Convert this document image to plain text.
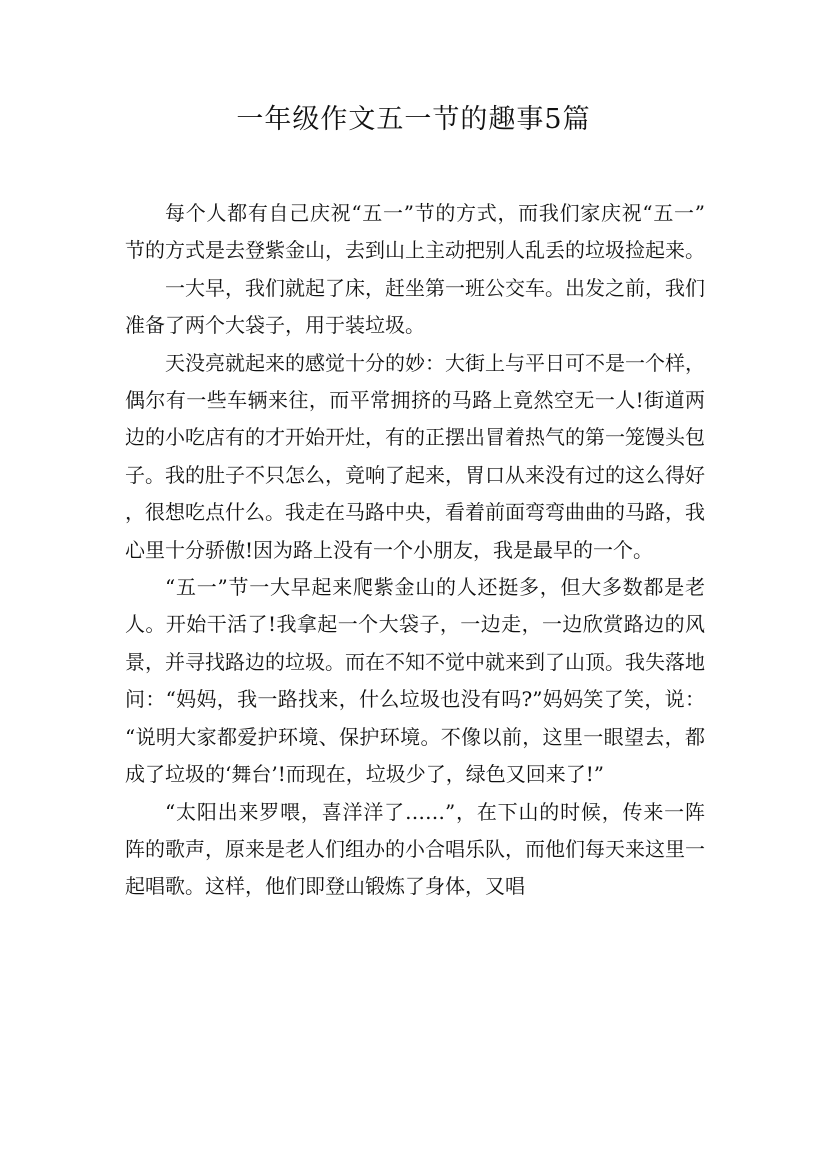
一年级作文五一节的趣事5篇

每个人都有自己庆祝“五一”节的方式，而我们家庆祝“五一”节的方式是去登紫金山，去到山上主动把别人乱丢的垃圾捡起来。

一大早，我们就起了床，赶坐第一班公交车。出发之前，我们准备了两个大袋子，用于装垃圾。

天没亮就起来的感觉十分的妙：大街上与平日可不是一个样，偶尔有一些车辆来往，而平常拥挤的马路上竟然空无一人!街道两边的小吃店有的才开始开灶，有的正摆出冒着热气的第一笼馒头包子。我的肚子不只怎么，竟响了起来，胃口从来没有过的这么得好，很想吃点什么。我走在马路中央，看着前面弯弯曲曲的马路，我心里十分骄傲!因为路上没有一个小朋友，我是最早的一个。

“五一”节一大早起来爬紫金山的人还挺多，但大多数都是老人。开始干活了!我拿起一个大袋子，一边走，一边欣赏路边的风景，并寻找路边的垃圾。而在不知不觉中就来到了山顶。我失落地问：“妈妈，我一路找来，什么垃圾也没有吗?”妈妈笑了笑，说：“说明大家都爱护环境、保护环境。不像以前，这里一眼望去，都成了垃圾的‘舞台’!而现在，垃圾少了，绿色又回来了!”

“太阳出来罗喂，喜洋洋了……”，在下山的时候，传来一阵阵的歌声，原来是老人们组办的小合唱乐队，而他们每天来这里一起唱歌。这样，他们即登山锻炼了身体，又唱
